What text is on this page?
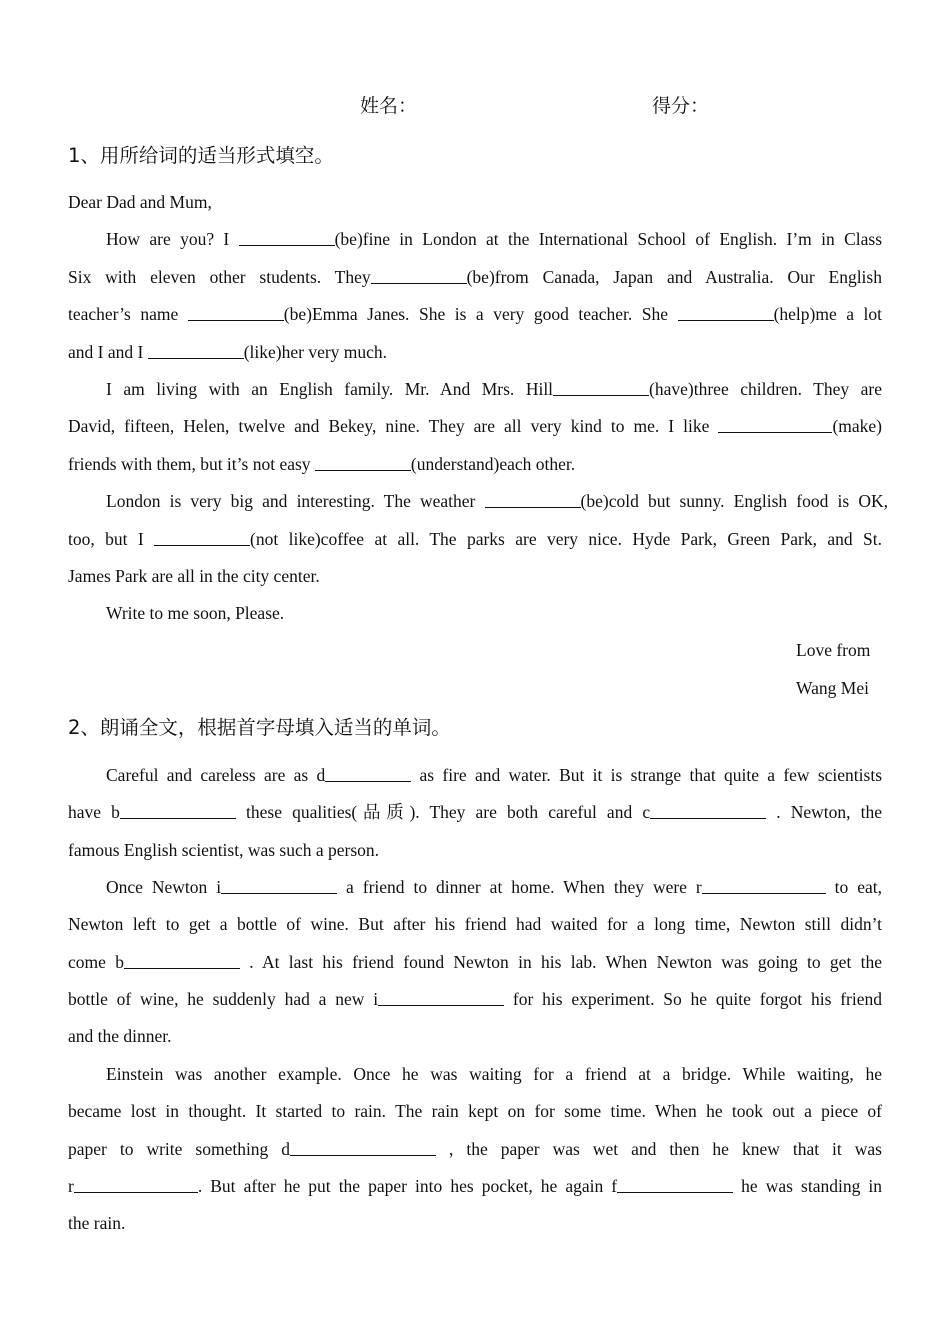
姓名：	得分：
1、用所给词的适当形式填空。
Dear Dad and Mum,
How are you? I	(be)fine in London at the International School of English. I’m in Class
Six with eleven other students. They	(be)from Canada, Japan and Australia. Our English
teacher’s name	(be)Emma Janes. She is a very good teacher. She	(help)me a lot
and I and I	(like)her very much.
I am living with an English family. Mr. And Mrs. Hill	(have)three children. They are
David, fifteen, Helen, twelve and Bekey, nine. They are all very kind to me. I like	(make)
friends with them, but it’s not easy	(understand)each other.
London is very big and interesting. The weather	(be)cold but sunny. English food is OK,
too, but I	(not like)coffee at all. The parks are very nice. Hyde Park, Green Park, and St.
James Park are all in the city center.
Write to me soon, Please.
Love from
Wang Mei
2、朗诵全文，根据首字母填入适当的单词。
Careful and careless are as d	as fire and water. But it is strange that quite a few scientists
have b	these qualities(品质). They are both careful and c	. Newton, the
famous English scientist, was such a person.
Once Newton i	a friend to dinner at home. When they were r	to eat,
Newton left to get a bottle of wine. But after his friend had waited for a long time, Newton still didn’t
come b	. At last his friend found Newton in his lab. When Newton was going to get the
bottle of wine, he suddenly had a new i	for his experiment. So he quite forgot his friend
and the dinner.
Einstein was another example. Once he was waiting for a friend at a bridge. While waiting, he
became lost in thought. It started to rain. The rain kept on for some time. When he took out a piece of
paper to write something d	, the paper was wet and then he knew that it was
r	. But after he put the paper into hes pocket, he again f	he was standing in
the rain.
